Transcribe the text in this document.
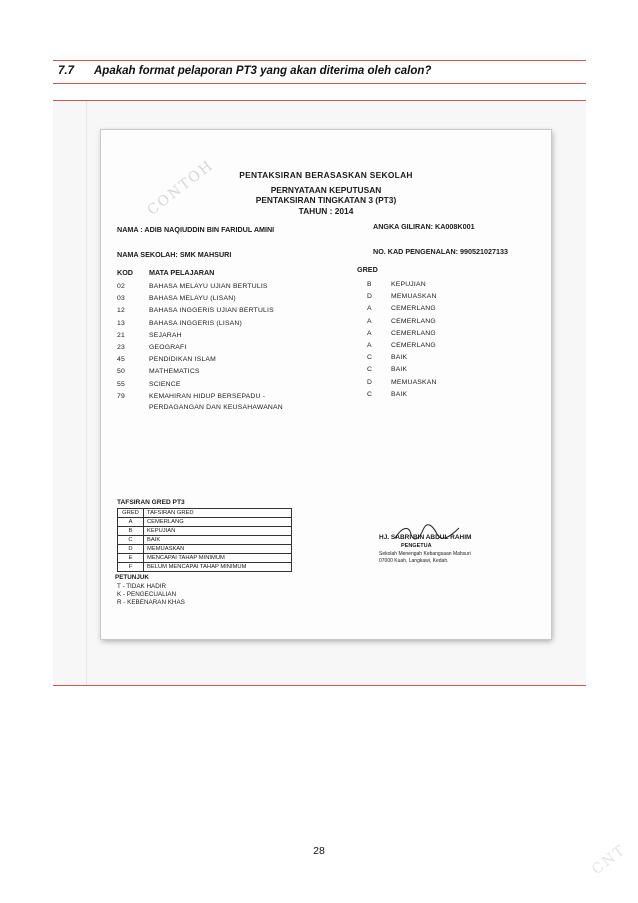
7.7 Apakah format pelaporan PT3 yang akan diterima oleh calon?
CONTOH	PENTAKSIRAN BERASASKAN SEKOLAH
PERNYATAAN KEPUTUSAN
PENTAKSIRAN TINGKATAN 3 (PT3)
TAHUN : 2014
NAMA : ADIB NAQIUDDIN BIN FARIDUL AMINI	ANGKA GILIRAN: KA008K001
NAMA SEKOLAH: SMK MAHSURI	NO. KAD PENGENALAN: 990521027133
KOD MATA PELAJARAN	GRED
02	BAHASA MELAYU UJIAN BERTULIS	B	KEPUJIAN
03	BAHASA MELAYU (LISAN)	D	MEMUASKAN
12	BAHASA INGGERIS UJIAN BERTULIS	A	CEMERLANG
13	BAHASA INGGERIS (LISAN)	A	CEMERLANG
21	SEJARAH	A	CEMERLANG
23	GEOGRAFI	A	CEMERLANG
45	PENDIDIKAN ISLAM	C	BAIK
50	MATHEMATICS	C	BAIK
55	SCIENCE	D	MEMUASKAN
79	KEMAHIRAN HIDUP BERSEPADU -	C	BAIK
PERDAGANGAN DAN KEUSAHAWANAN
TAFSIRAN GRED PT3
GRED	TAFSIRAN GRED
A	CEMERLANG
B	KEPUJIAN
C	BAIK
D	MEMUASKAN
E	MENCAPAI TAHAP MINIMUM
F	BELUM MENCAPAI TAHAP MINIMUM
HJ. SABRI BIN ABDUL RAHIM
PENGETUA
Sekolah Menengah Kebangsaan Mahsuri
07000 Kuah, Langkawi, Kedah.
PETUNJUK
T - TIDAK HADIR
K - PENGECUALIAN
R - KEBENARAN KHAS
28	CNT
